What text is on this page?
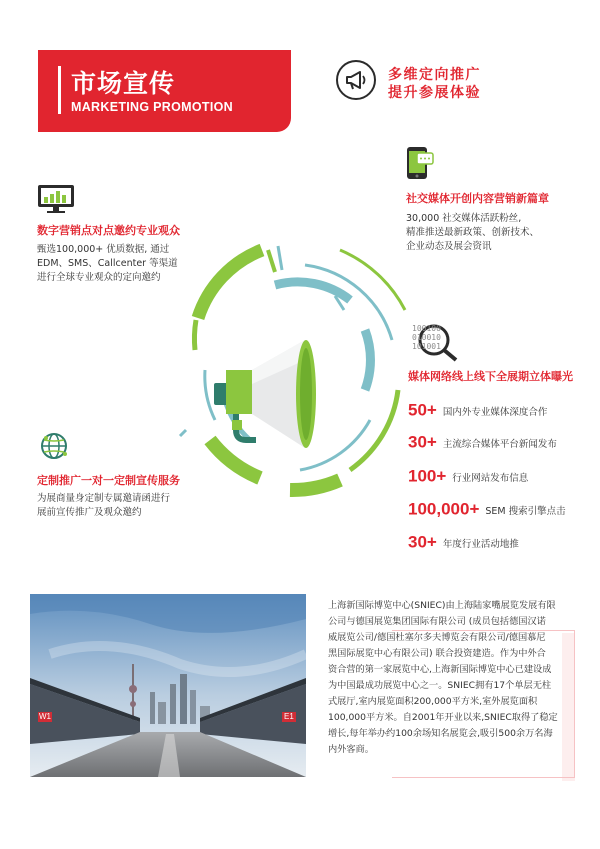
市场宣传
MARKETING PROMOTION
多维定向推广
提升参展体验
社交媒体开创内容营销新篇章
30,000 社交媒体活跃粉丝,
精准推送最新政策、创新技术、
企业动态及展会资讯
数字营销点对点邀约专业观众
甄选100,000+ 优质数据, 通过
EDM、SMS、Callcenter 等渠道
进行全球专业观众的定向邀约
100100
010010
101001
媒体网络线上线下全展期立体曝光
50+ 国内外专业媒体深度合作
30+ 主流综合媒体平台新闻发布
100+ 行业网站发布信息
100,000+ SEM 搜索引擎点击
30+ 年度行业活动地推
定制推广一对一定制宣传服务
为展商量身定制专属邀请函进行
展前宣传推广及观众邀约
W1	E1
上海新国际博览中心(SNIEC)由上海陆家嘴展览发展有限
公司与德国展览集团国际有限公司 (成员包括德国汉诺
威展览公司/德国杜塞尔多夫博览会有限公司/德国慕尼
黑国际展览中心有限公司) 联合投资建造。作为中外合
资合营的第一家展览中心,上海新国际博览中心已建设成
为中国最成功展览中心之一。SNIEC拥有17个单层无柱
式展厅,室内展览面积200,000平方米,室外展览面积
100,000平方米。自2001年开业以来,SNIEC取得了稳定
增长,每年举办约100余场知名展览会,吸引500余万名海
内外客商。
